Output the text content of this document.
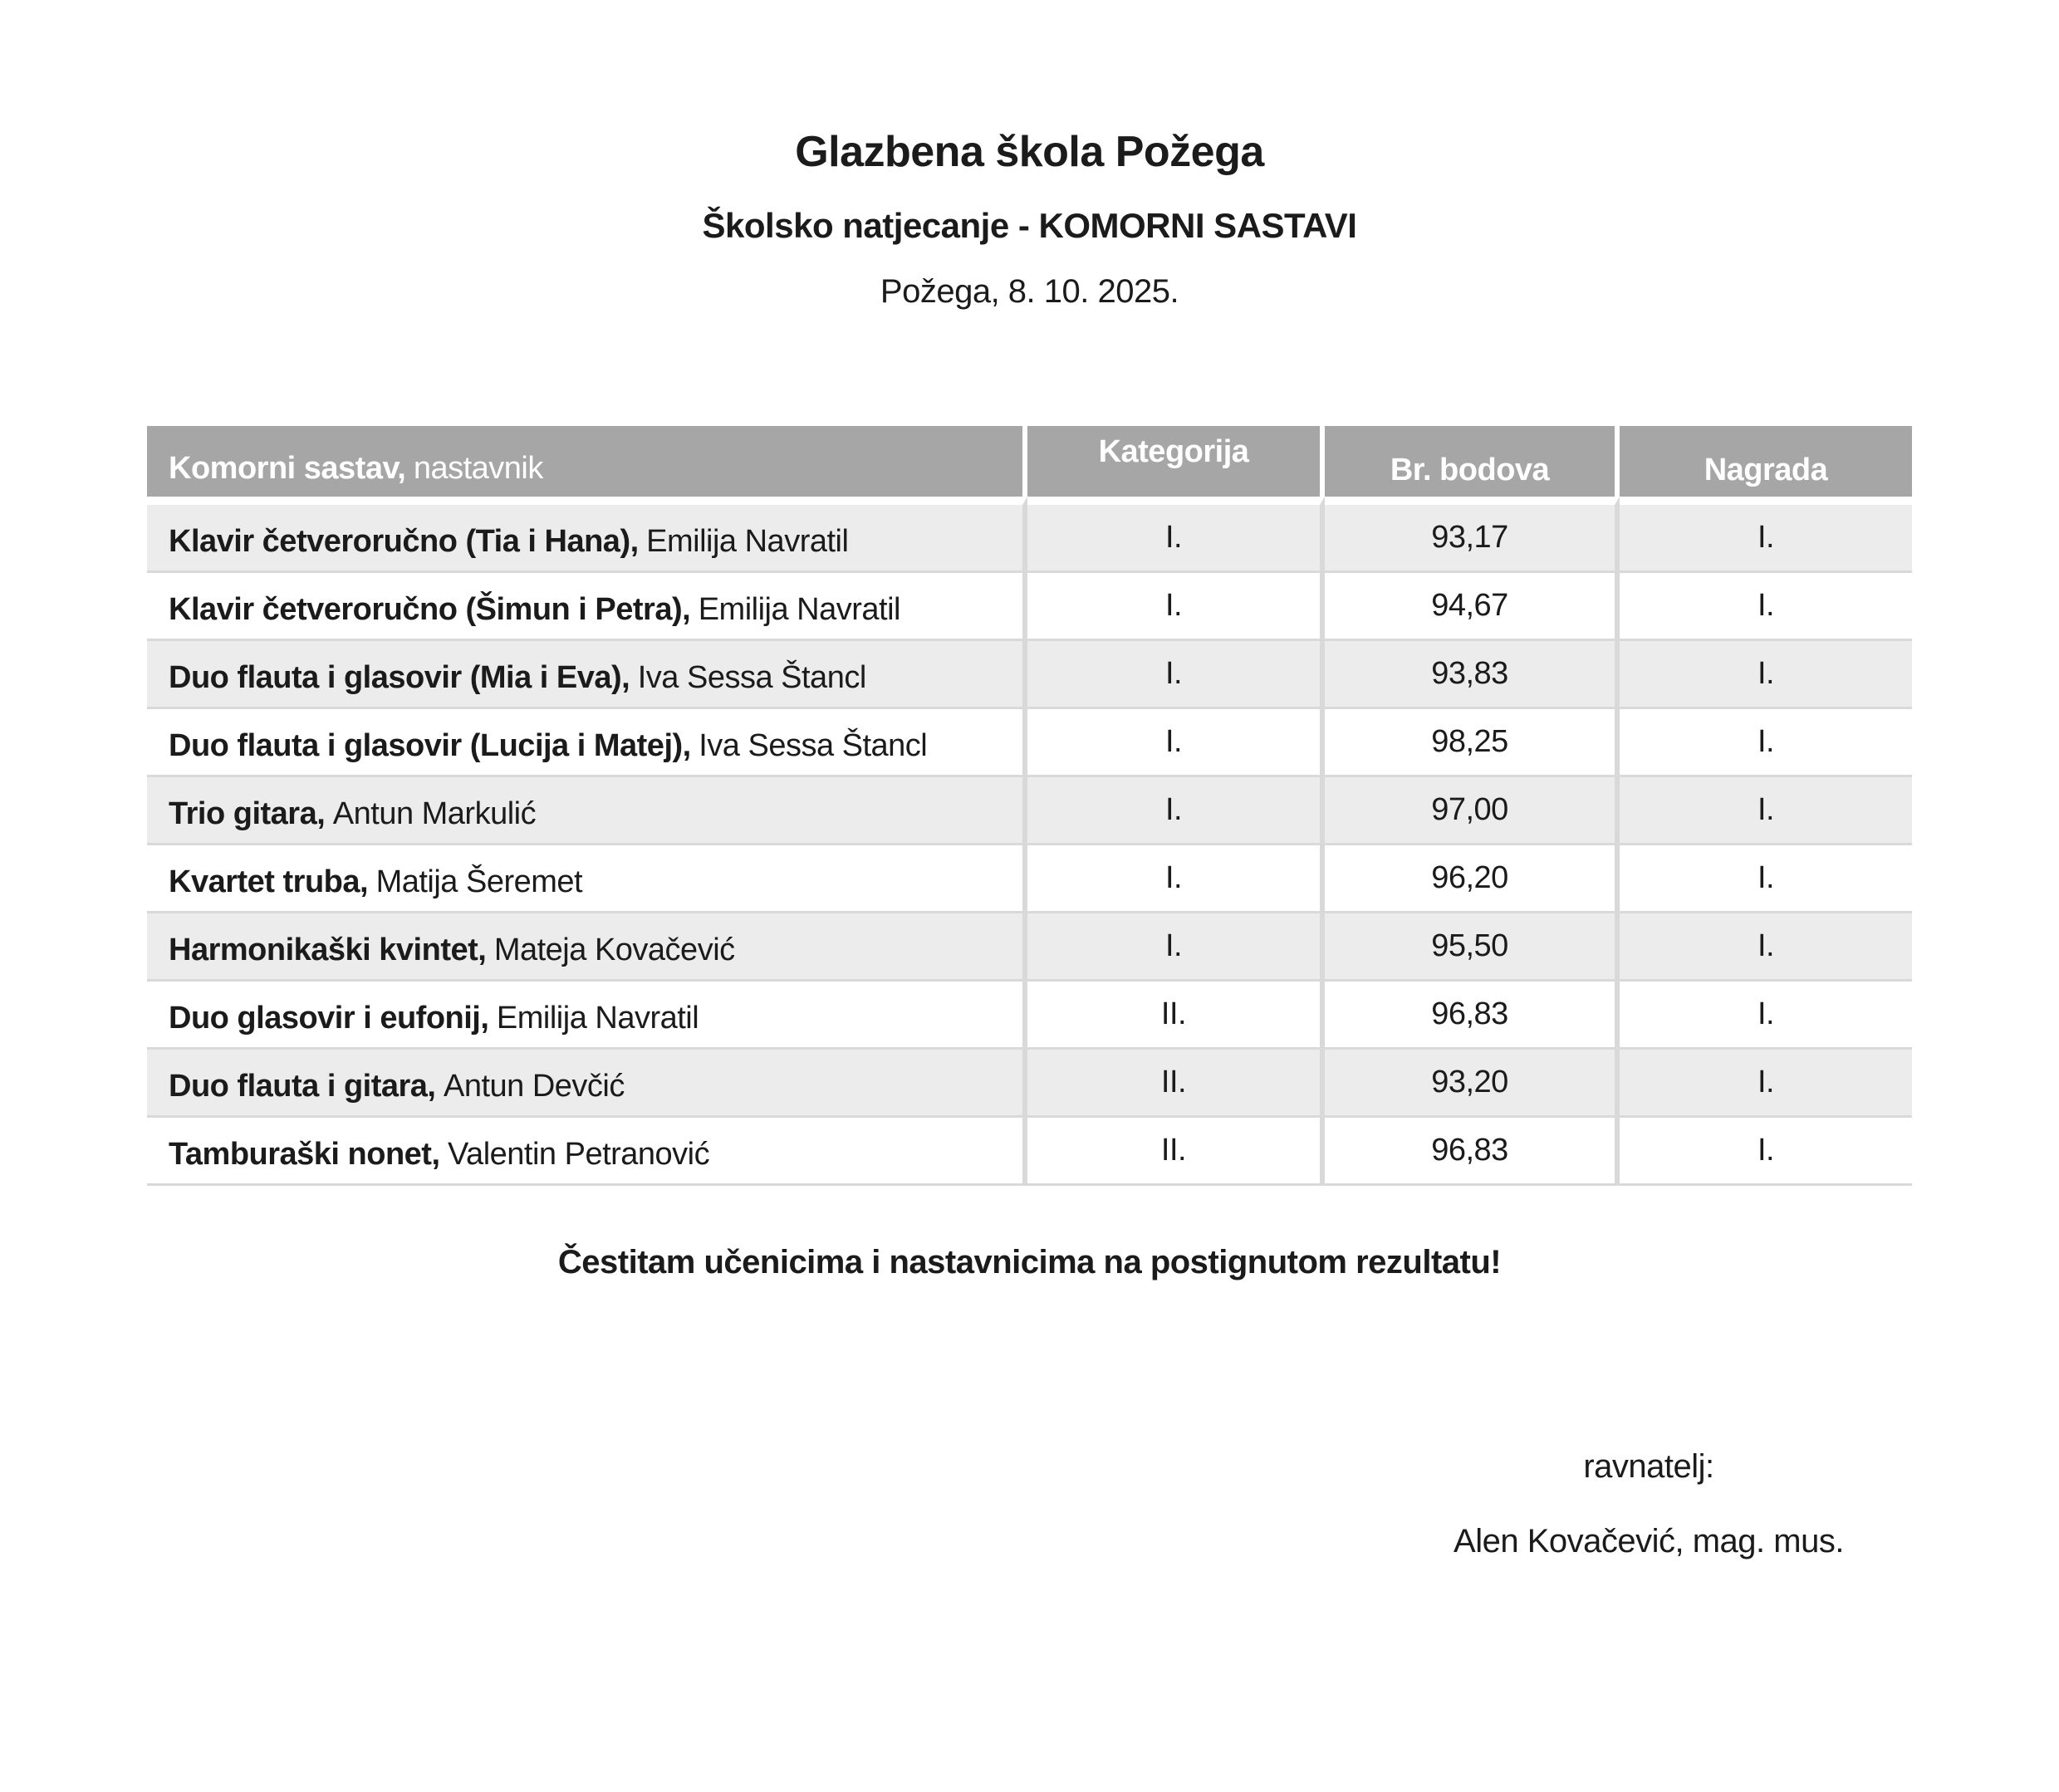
Glazbena škola Požega
Školsko natjecanje - KOMORNI SASTAVI

Požega, 8. 10. 2025.

Komorni sastav, nastavnik	Kategorija	Br. bodova	Nagrada
Klavir četveroručno (Tia i Hana), Emilija Navratil	I.	93,17	I.
Klavir četveroručno (Šimun i Petra), Emilija Navratil	I.	94,67	I.
Duo flauta i glasovir (Mia i Eva), Iva Sessa Štancl	I.	93,83	I.
Duo flauta i glasovir (Lucija i Matej), Iva Sessa Štancl	I.	98,25	I.
Trio gitara, Antun Markulić	I.	97,00	I.
Kvartet truba, Matija Šeremet	I.	96,20	I.
Harmonikaški kvintet, Mateja Kovačević	I.	95,50	I.
Duo glasovir i eufonij, Emilija Navratil	II.	96,83	I.
Duo flauta i gitara, Antun Devčić	II.	93,20	I.
Tamburaški nonet, Valentin Petranović	II.	96,83	I.

Čestitam učenicima i nastavnicima na postignutom rezultatu!

ravnatelj:

Alen Kovačević, mag. mus.
